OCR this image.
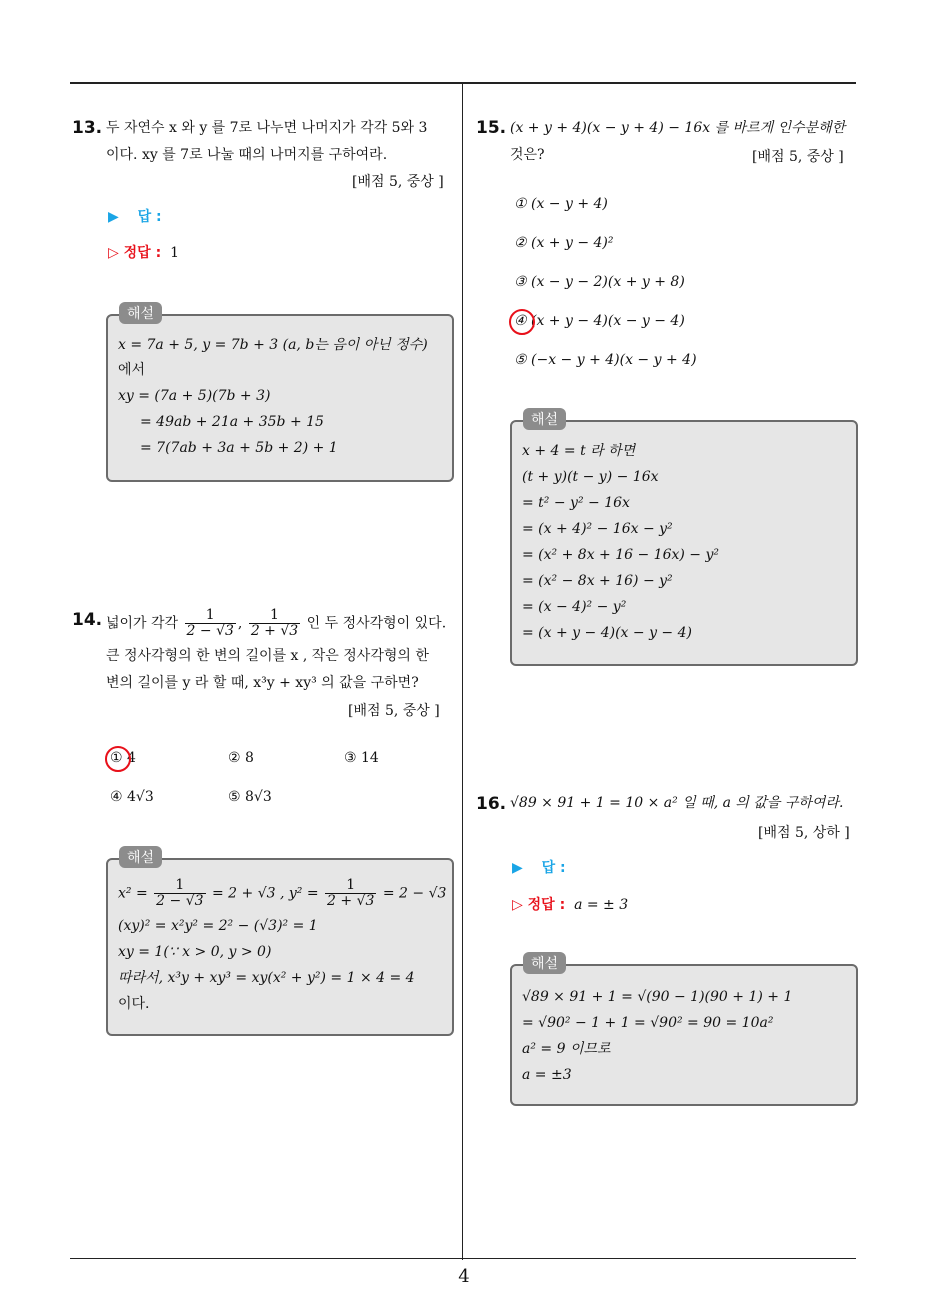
4
13. 두 자연수 x 와 y 를 7로 나누면 나머지가 각각 5와 3
이다. xy 를 7로 나눌 때의 나머지를 구하여라.
[배점 5, 중상 ]
▶ 답 :
▷ 정답 : 1
해설
x = 7a + 5, y = 7b + 3 (a, b는 음이 아닌 정수)
에서
xy = (7a + 5)(7b + 3)
= 49ab + 21a + 35b + 15
= 7(7ab + 3a + 5b + 2) + 1
14. 넓이가 각각 $\frac{1}{2 - √3}$ , $\frac{1}{2 + √3}$ 인 두 정사각형이 있다.
큰 정사각형의 한 변의 길이를 x , 작은 정사각형의 한
변의 길이를 y 라 할 때, x³y + xy³ 의 값을 구하면?
[배점 5, 중상 ]
① 4	② 8	③ 14
④ 4√3	⑤ 8√3
해설
$x^2 = \frac{1}{2 - √3} = 2 + √3$ , $y^2 = \frac{1}{2 + √3} = 2 - √3$
(xy)² = x²y² = 2² − (√3)² = 1
xy = 1(∵ x > 0, y > 0)
따라서, x³y + xy³ = xy(x² + y²) = 1 × 4 = 4
이다.
15. (x + y + 4)(x − y + 4) − 16x 를 바르게 인수분해한
것은?	[배점 5, 중상 ]
① (x − y + 4)
② (x + y − 4)²
③ (x − y − 2)(x + y + 8)
④ (x + y − 4)(x − y − 4)
⑤ (−x − y + 4)(x − y + 4)
해설
x + 4 = t 라 하면
(t + y)(t − y) − 16x
= t² − y² − 16x
= (x + 4)² − 16x − y²
= (x² + 8x + 16 − 16x) − y²
= (x² − 8x + 16) − y²
= (x − 4)² − y²
= (x + y − 4)(x − y − 4)
16. √89 × 91 + 1 = 10 × a² 일 때, a 의 값을 구하여라.
[배점 5, 상하 ]
▶ 답 :
▷ 정답 : a = ± 3
해설
√89 × 91 + 1 = √(90 − 1)(90 + 1) + 1
= √90² − 1 + 1 = √90² = 90 = 10a²
a² = 9 이므로
a = ±3
